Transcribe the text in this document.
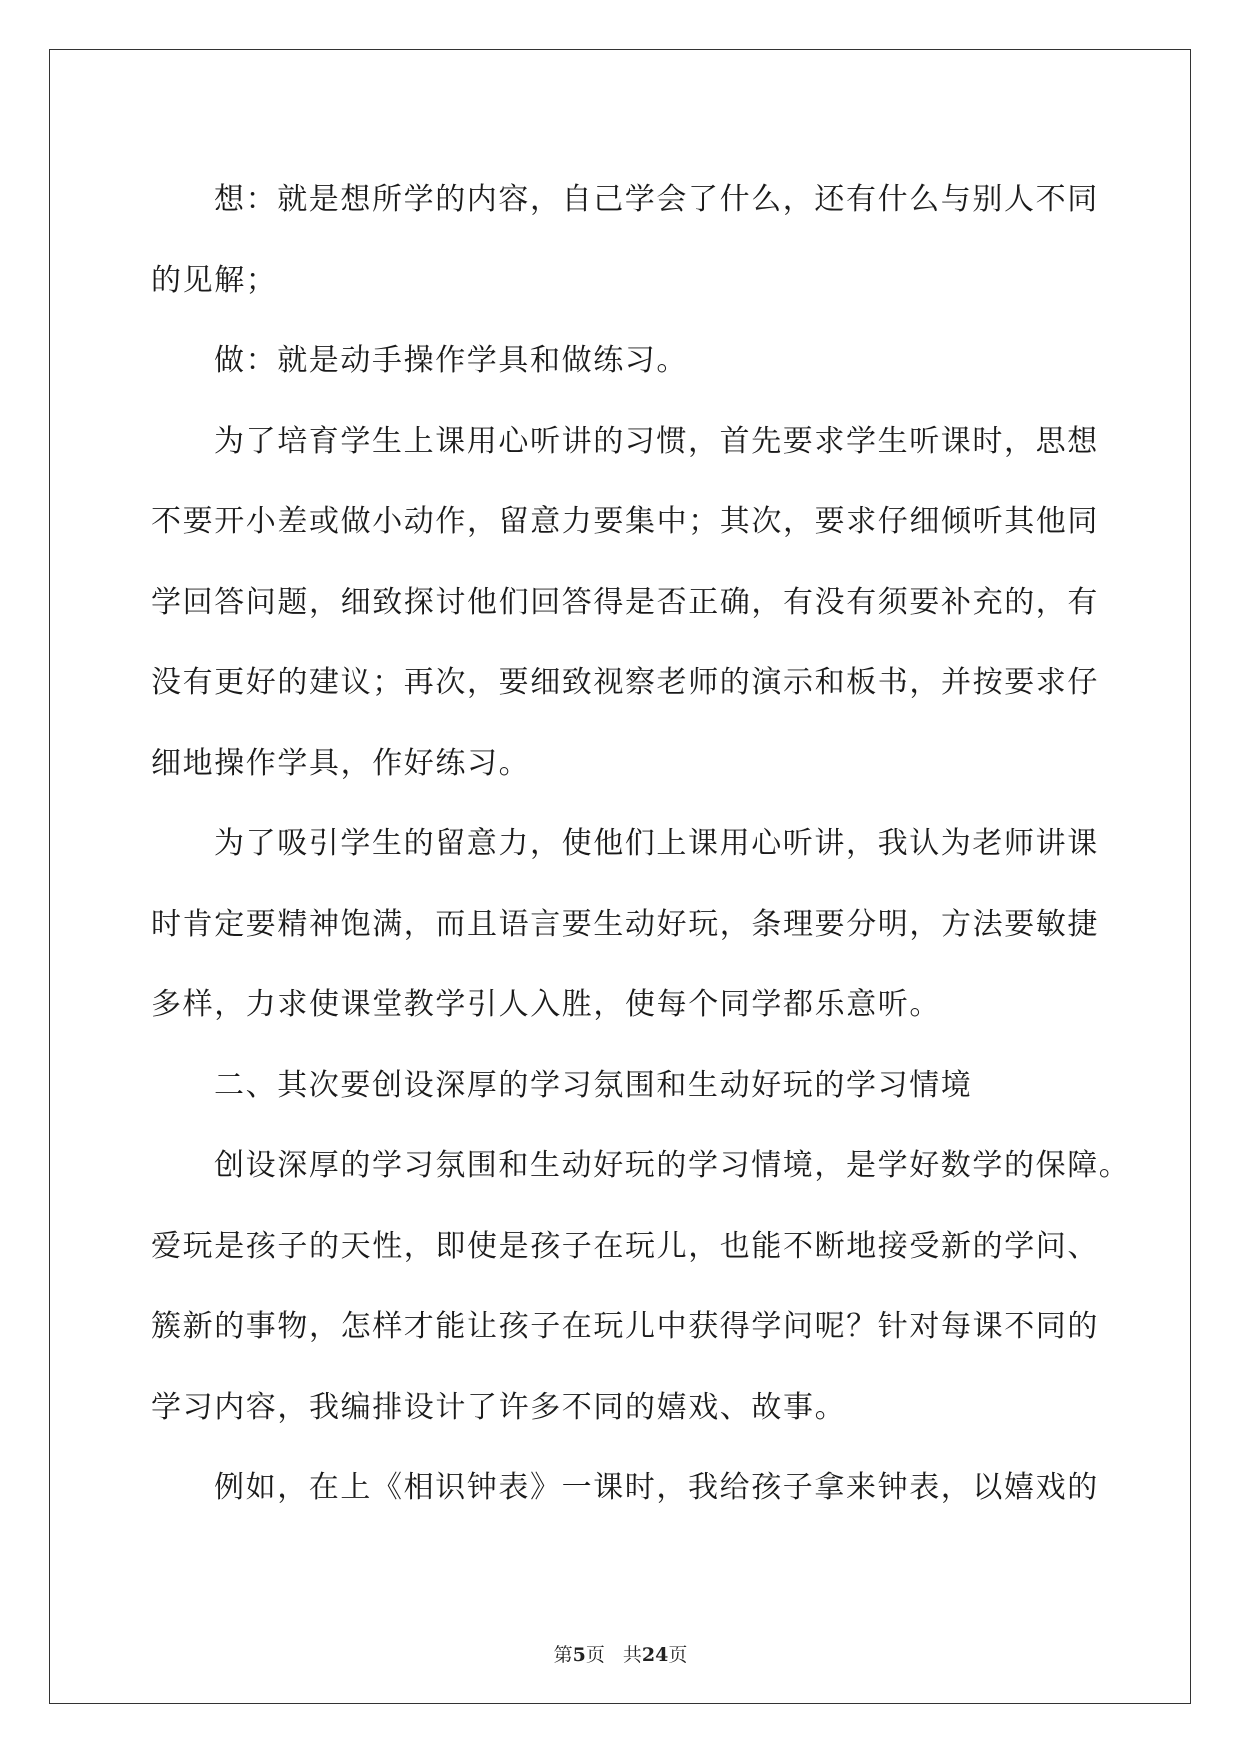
想：就是想所学的内容，自己学会了什么，还有什么与别人不同
的见解；
做：就是动手操作学具和做练习。
为了培育学生上课用心听讲的习惯，首先要求学生听课时，思想
不要开小差或做小动作，留意力要集中；其次，要求仔细倾听其他同
学回答问题，细致探讨他们回答得是否正确，有没有须要补充的，有
没有更好的建议；再次，要细致视察老师的演示和板书，并按要求仔
细地操作学具，作好练习。
为了吸引学生的留意力，使他们上课用心听讲，我认为老师讲课
时肯定要精神饱满，而且语言要生动好玩，条理要分明，方法要敏捷
多样，力求使课堂教学引人入胜，使每个同学都乐意听。
二、其次要创设深厚的学习氛围和生动好玩的学习情境
创设深厚的学习氛围和生动好玩的学习情境，是学好数学的保障。
爱玩是孩子的天性，即使是孩子在玩儿，也能不断地接受新的学问、
簇新的事物，怎样才能让孩子在玩儿中获得学问呢？针对每课不同的
学习内容，我编排设计了许多不同的嬉戏、故事。
例如，在上《相识钟表》一课时，我给孩子拿来钟表，以嬉戏的
第5页 共24页
